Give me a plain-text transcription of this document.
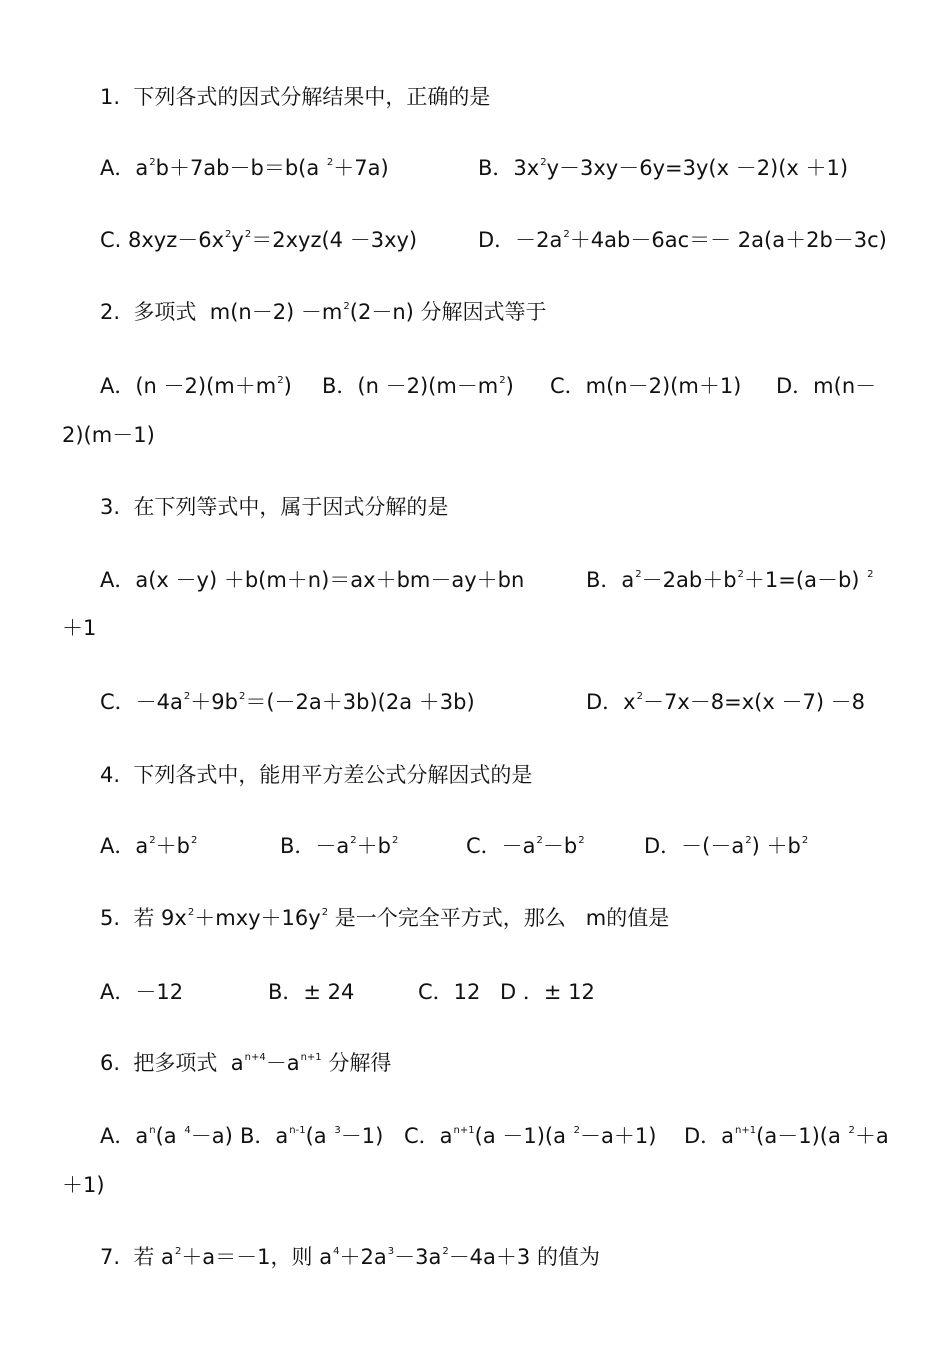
1.  下列各式的因式分解结果中，正确的是
A．$a^2b+7ab-b=b(a$ $^2$＋7a)	B．$3x^2y-3xy-6y=3y(x -2)(x +1)$
C. $8xyz-6x^2y^2=2xyz(4 -3xy)$	D．$-2a^2+4ab-6ac=- 2a(a+2b-3c)$
2.  多项式  $m(n-2) -m^2(2-n)$ 分解因式等于
A．$(n -2)(m+m^2)$ B．$(n -2)(m-m^2)$ C．m(n－2)(m＋1) D．m(n－
2)(m－1)
3.  在下列等式中，属于因式分解的是
A．a(x －y) ＋b(m＋n)＝ax＋bm－ay＋bn	B．$a^2-2ab+b^2+1=(a-b)$ $^2$
＋1
C．$-4a^2+9b^2=(-2a+3b)(2a +3b)$	D．$x^2-7x-8=x(x -7) -8$
4.  下列各式中，能用平方差公式分解因式的是
A．$a^2+b^2$	B．$-a^2+b^2$	C．$-a^2-b^2$	D．$-(-a^2) +b^2$
5.  若 $9x^2+mxy+16y^2$ 是一个完全平方式，那么   m的值是
A．－12	B．± 24	C．12 D ．± 12
6.  把多项式  $a^{n+4}-a^{n+1}$ 分解得
A．$a^n(a$ $^4$－a) B．$a^{n-1}(a$ $^3$－1) C．$a^{n+1}(a -1)(a$ $^2$－a＋1) D．$a^{n+1}(a-1)(a$ $^2$＋a
＋1)
7.  若 $a^2+a=-1$，则 $a^4+2a^3-3a^2-4a+3$ 的值为
